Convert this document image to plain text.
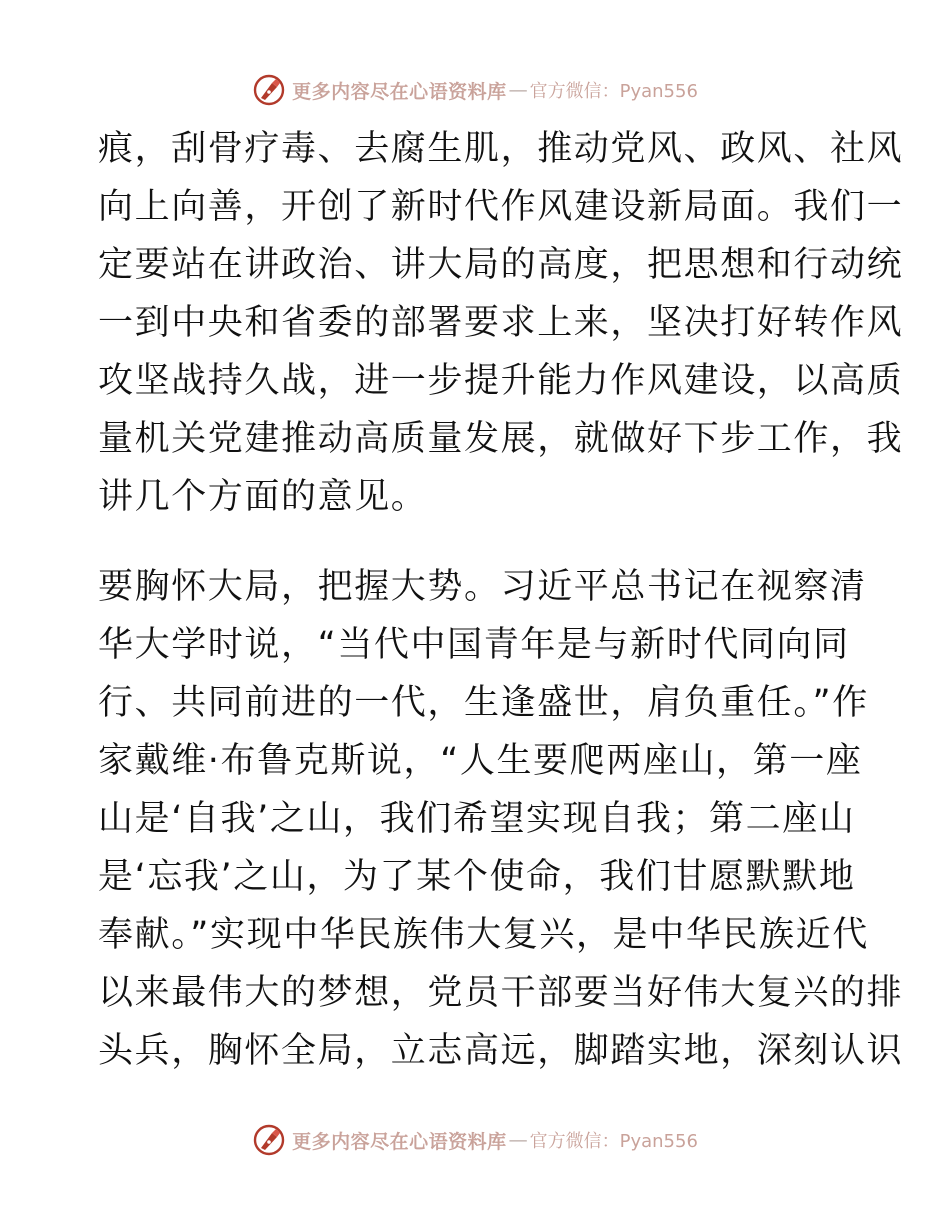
更多内容尽在心语资料库 — 官方微信：Pyan556
痕，刮骨疗毒、去腐生肌，推动党风、政风、社风
向上向善，开创了新时代作风建设新局面。我们一
定要站在讲政治、讲大局的高度，把思想和行动统
一到中央和省委的部署要求上来，坚决打好转作风
攻坚战持久战，进一步提升能力作风建设，以高质
量机关党建推动高质量发展，就做好下步工作，我
讲几个方面的意见。
要胸怀大局，把握大势。习近平总书记在视察清
华大学时说，“当代中国青年是与新时代同向同
行、共同前进的一代，生逢盛世，肩负重任。”作
家戴维·布鲁克斯说，“人生要爬两座山，第一座
山是‘自我’之山，我们希望实现自我；第二座山
是‘忘我’之山，为了某个使命，我们甘愿默默地
奉献。”实现中华民族伟大复兴，是中华民族近代
以来最伟大的梦想，党员干部要当好伟大复兴的排
头兵，胸怀全局，立志高远，脚踏实地，深刻认识
更多内容尽在心语资料库 — 官方微信：Pyan556
